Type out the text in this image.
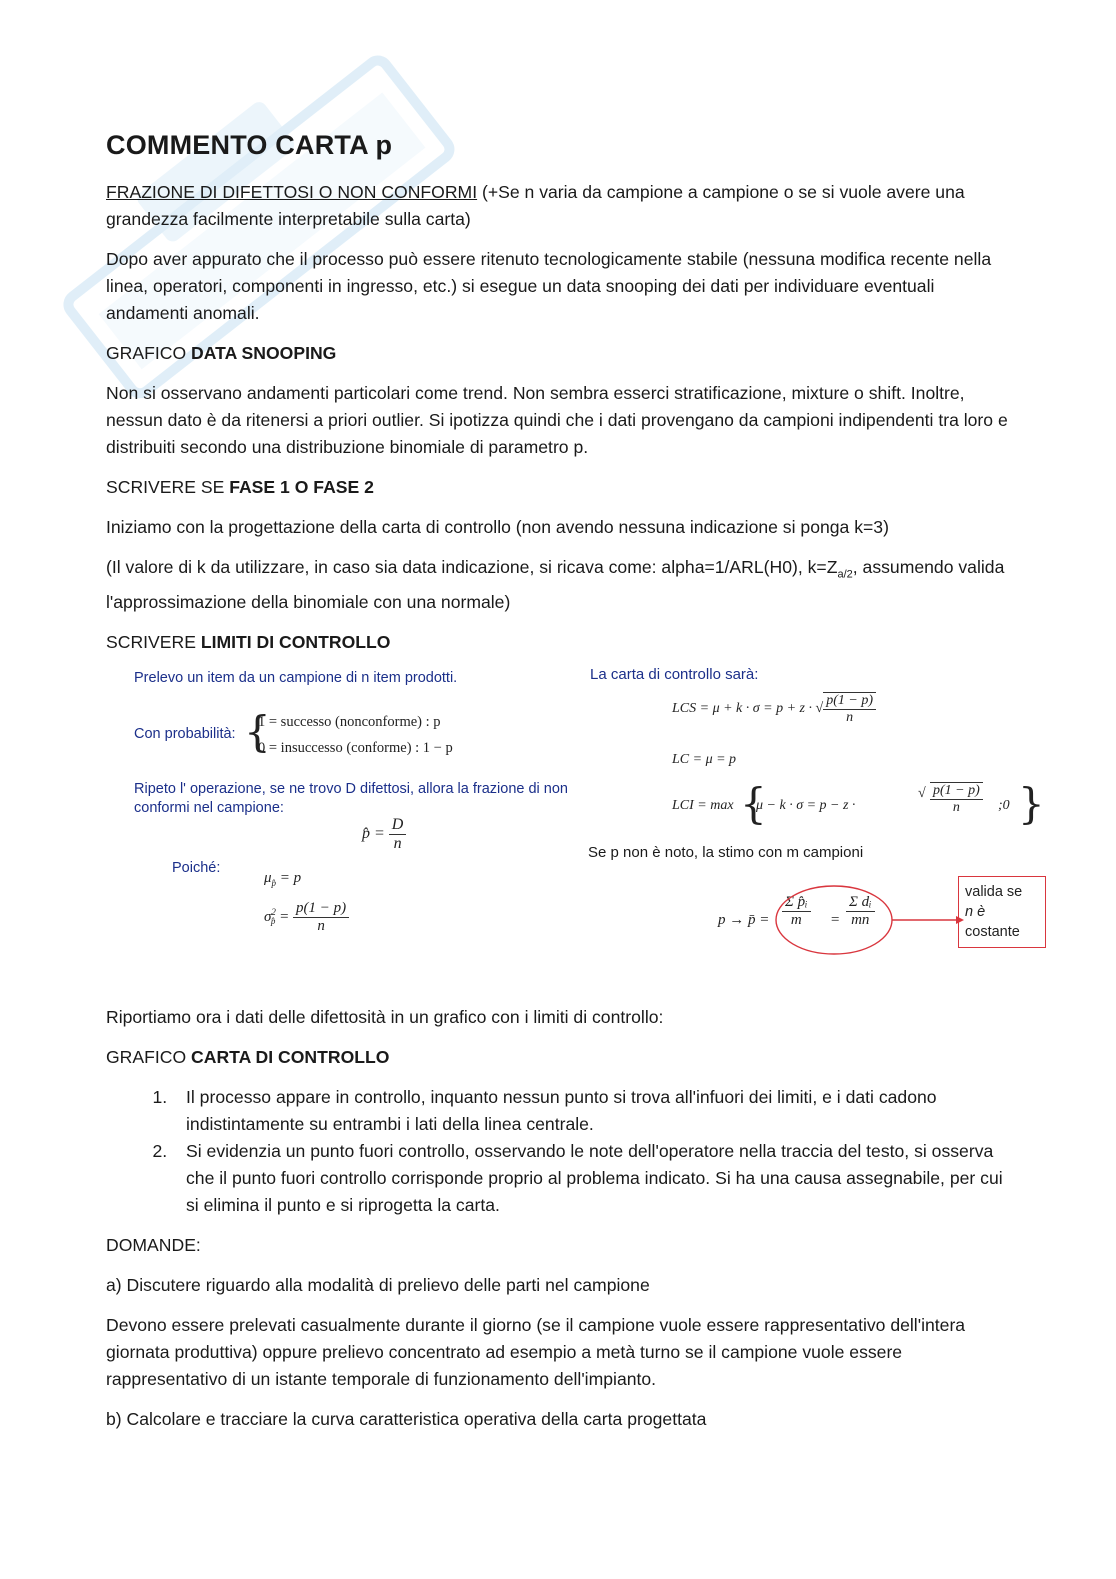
COMMENTO CARTA p

FRAZIONE DI DIFETTOSI O NON CONFORMI (+Se n varia da campione a campione o se si vuole avere una grandezza facilmente interpretabile sulla carta)

Dopo aver appurato che il processo può essere ritenuto tecnologicamente stabile (nessuna modifica recente nella linea, operatori, componenti in ingresso, etc.) si esegue un data snooping dei dati per individuare eventuali andamenti anomali.

GRAFICO DATA SNOOPING

Non si osservano andamenti particolari come trend. Non sembra esserci stratificazione, mixture o shift. Inoltre, nessun dato è da ritenersi a priori outlier. Si ipotizza quindi che i dati provengano da campioni indipendenti tra loro e distribuiti secondo una distribuzione binomiale di parametro p.

SCRIVERE SE FASE 1 O FASE 2

Iniziamo con la progettazione della carta di controllo (non avendo nessuna indicazione si ponga k=3)

(Il valore di k da utilizzare, in caso sia data indicazione, si ricava come: alpha=1/ARL(H0), $k=Z_{a/2}$, assumendo valida l'approssimazione della binomiale con una normale)

SCRIVERE LIMITI DI CONTROLLO

Prelevo un item da un campione di n item prodotti.
Con probabilità: {
1 = successo (nonconforme) : p
0 = insuccesso (conforme) : 1 − p
Ripeto l' operazione, se ne trovo D difettosi, allora la frazione di non conformi nel campione:
p̂ = $\frac{D}{n}$
Poiché:
$\mu_{p̂} = p$
$\sigma^2_{p̂} = \frac{p(1 - p)}{n}$
La carta di controllo sarà:
LCS = μ + k · σ = p + z · √ $\frac{p(1 - p)}{n}$
LC = μ = p
LCI = max {
μ − k · σ = p − z ·
√ $\frac{p(1 - p)}{n}$ ;0 }
Se p non è noto, la stimo con m campioni
p → p̄ = $\frac{\text{Σ p̂ᵢ}}{m} = \frac{\text{Σ dᵢ}}{mn}$
valida se
n è
costante

Riportiamo ora i dati delle difettosità in un grafico con i limiti di controllo:

GRAFICO CARTA DI CONTROLLO

1. Il processo appare in controllo, inquanto nessun punto si trova all'infuori dei limiti, e i dati cadono indistintamente su entrambi i lati della linea centrale.
2. Si evidenzia un punto fuori controllo, osservando le note dell'operatore nella traccia del testo, si osserva che il punto fuori controllo corrisponde proprio al problema indicato. Si ha una causa assegnabile, per cui si elimina il punto e si riprogetta la carta.

DOMANDE:

a) Discutere riguardo alla modalità di prelievo delle parti nel campione

Devono essere prelevati casualmente durante il giorno (se il campione vuole essere rappresentativo dell'intera giornata produttiva) oppure prelievo concentrato ad esempio a metà turno se il campione vuole essere rappresentativo di un istante temporale di funzionamento dell'impianto.

b) Calcolare e tracciare la curva caratteristica operativa della carta progettata
